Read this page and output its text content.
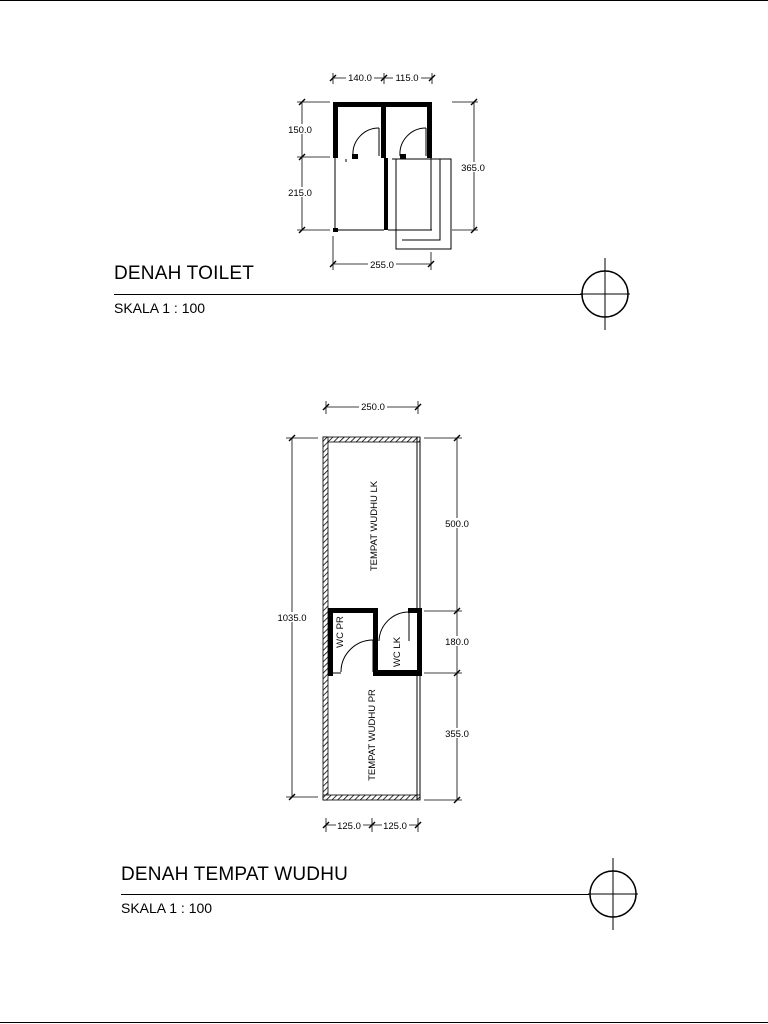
140.0 115.0
150.0
215.0
365.0
255.0
TEMPAT WUDHU LK
TEMPAT WUDHU PR
WC PR
WC LK
250.0
1035.0
500.0
180.0
355.0
125.0 125.0
DENAH TOILET
SKALA 1 : 100
DENAH TEMPAT WUDHU
SKALA 1 : 100
